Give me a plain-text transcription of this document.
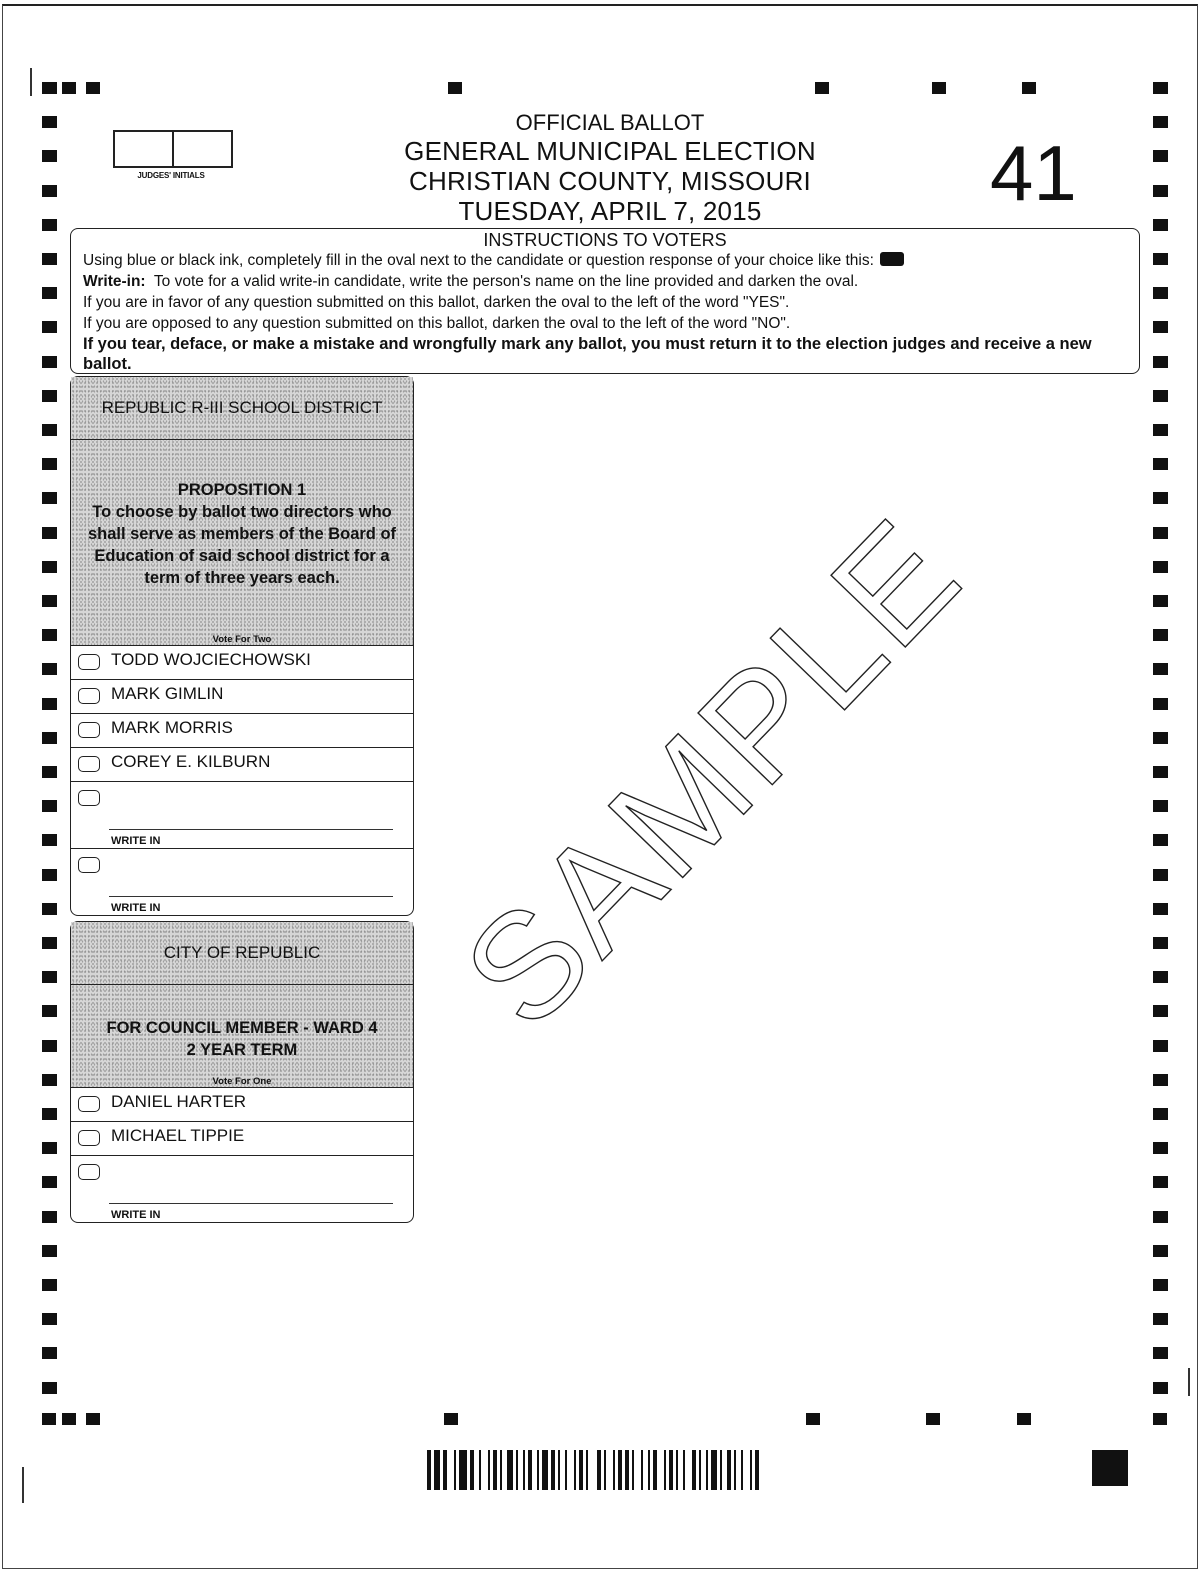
JUDGES' INITIALS
OFFICIAL BALLOT
GENERAL MUNICIPAL ELECTION
CHRISTIAN COUNTY, MISSOURI
TUESDAY, APRIL 7, 2015	41
INSTRUCTIONS TO VOTERS
Using blue or black ink, completely fill in the oval next to the candidate or question response of your choice like this:
Write-in: To vote for a valid write-in candidate, write the person's name on the line provided and darken the oval.
If you are in favor of any question submitted on this ballot, darken the oval to the left of the word "YES".
If you are opposed to any question submitted on this ballot, darken the oval to the left of the word "NO".
If you tear, deface, or make a mistake and wrongfully mark any ballot, you must return it to the election judges and receive a new ballot.
REPUBLIC R-III SCHOOL DISTRICT
PROPOSITION 1
To choose by ballot two directors who shall serve as members of the Board of Education of said school district for a term of three years each.
Vote For Two
TODD WOJCIECHOWSKI
MARK GIMLIN
MARK MORRIS
COREY E. KILBURN
WRITE IN
WRITE IN
CITY OF REPUBLIC
FOR COUNCIL MEMBER - WARD 4
2 YEAR TERM
Vote For One
DANIEL HARTER
MICHAEL TIPPIE
WRITE IN
SAMPLE
